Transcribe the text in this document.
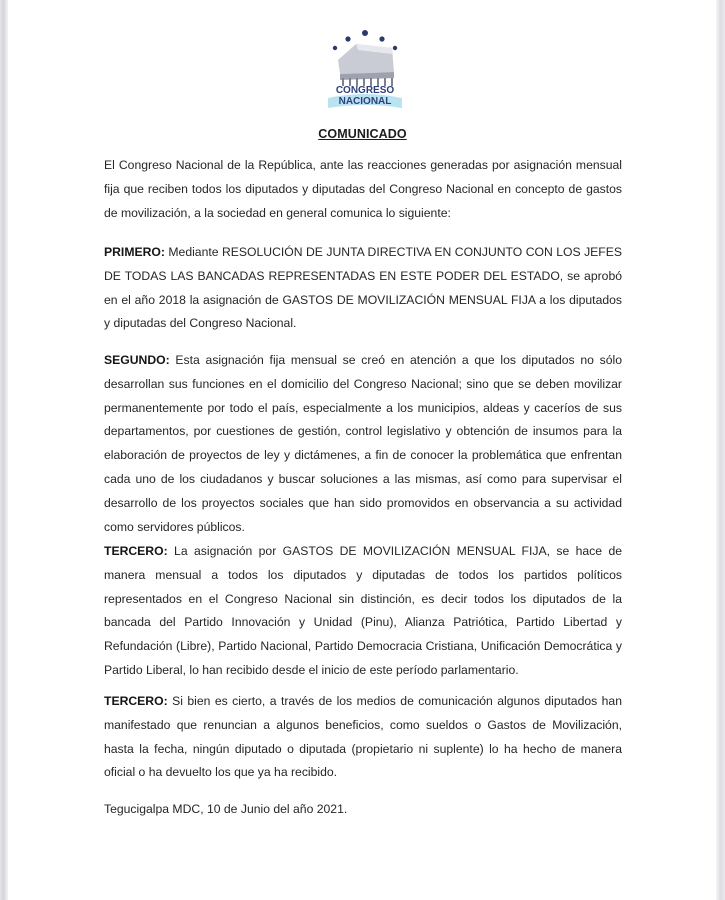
CONGRESO
NACIONAL
COMUNICADO
El Congreso Nacional de la República, ante las reacciones generadas por asignación mensual fija que reciben todos los diputados y diputadas del Congreso Nacional en concepto de gastos de movilización, a la sociedad en general comunica lo siguiente:
PRIMERO: Mediante RESOLUCIÓN DE JUNTA DIRECTIVA EN CONJUNTO CON LOS JEFES DE TODAS LAS BANCADAS REPRESENTADAS EN ESTE PODER DEL ESTADO, se aprobó en el año 2018 la asignación de GASTOS DE MOVILIZACIÓN MENSUAL FIJA a los diputados y diputadas del Congreso Nacional.
SEGUNDO: Esta asignación fija mensual se creó en atención a que los diputados no sólo desarrollan sus funciones en el domicilio del Congreso Nacional; sino que se deben movilizar permanentemente por todo el país, especialmente a los municipios, aldeas y caceríos de sus departamentos, por cuestiones de gestión, control legislativo y obtención de insumos para la elaboración de proyectos de ley y dictámenes, a fin de conocer la problemática que enfrentan cada uno de los ciudadanos y buscar soluciones a las mismas, así como para supervisar el desarrollo de los proyectos sociales que han sido promovidos en observancia a su actividad como servidores públicos.
TERCERO: La asignación por GASTOS DE MOVILIZACIÓN MENSUAL FIJA, se hace de manera mensual a todos los diputados y diputadas de todos los partidos políticos representados en el Congreso Nacional sin distinción, es decir todos los diputados de la bancada del Partido Innovación y Unidad (Pinu), Alianza Patriótica, Partido Libertad y Refundación (Libre), Partido Nacional, Partido Democracia Cristiana, Unificación Democrática y Partido Liberal, lo han recibido desde el inicio de este período parlamentario.
TERCERO: Si bien es cierto, a través de los medios de comunicación algunos diputados han manifestado que renuncian a algunos beneficios, como sueldos o Gastos de Movilización, hasta la fecha, ningún diputado o diputada (propietario ni suplente) lo ha hecho de manera oficial o ha devuelto los que ya ha recibido.
Tegucigalpa MDC, 10 de Junio del año 2021.
